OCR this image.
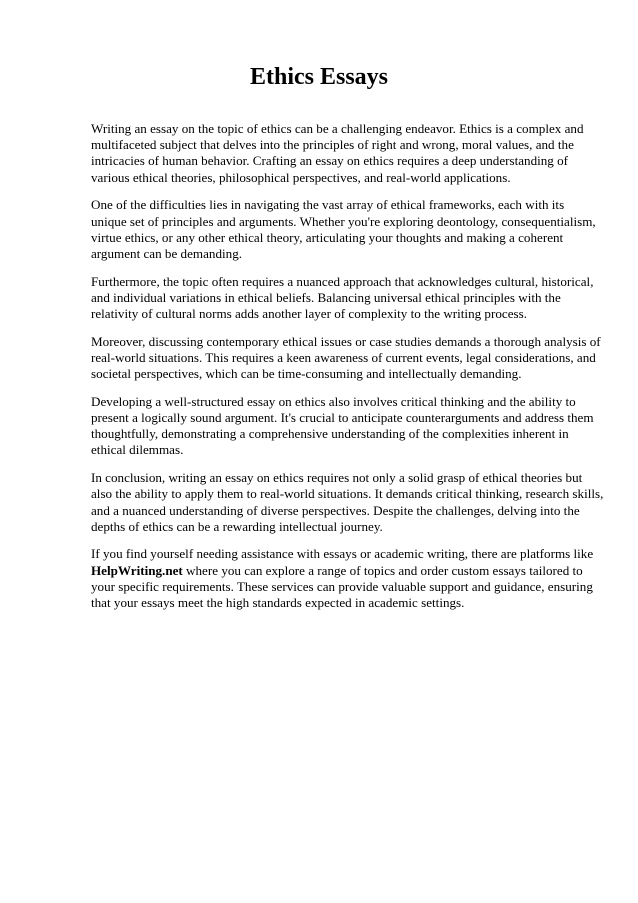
Ethics Essays

Writing an essay on the topic of ethics can be a challenging endeavor. Ethics is a complex and
multifaceted subject that delves into the principles of right and wrong, moral values, and the
intricacies of human behavior. Crafting an essay on ethics requires a deep understanding of
various ethical theories, philosophical perspectives, and real-world applications.

One of the difficulties lies in navigating the vast array of ethical frameworks, each with its
unique set of principles and arguments. Whether you're exploring deontology, consequentialism,
virtue ethics, or any other ethical theory, articulating your thoughts and making a coherent
argument can be demanding.

Furthermore, the topic often requires a nuanced approach that acknowledges cultural, historical,
and individual variations in ethical beliefs. Balancing universal ethical principles with the
relativity of cultural norms adds another layer of complexity to the writing process.

Moreover, discussing contemporary ethical issues or case studies demands a thorough analysis of
real-world situations. This requires a keen awareness of current events, legal considerations, and
societal perspectives, which can be time-consuming and intellectually demanding.

Developing a well-structured essay on ethics also involves critical thinking and the ability to
present a logically sound argument. It's crucial to anticipate counterarguments and address them
thoughtfully, demonstrating a comprehensive understanding of the complexities inherent in
ethical dilemmas.

In conclusion, writing an essay on ethics requires not only a solid grasp of ethical theories but
also the ability to apply them to real-world situations. It demands critical thinking, research skills,
and a nuanced understanding of diverse perspectives. Despite the challenges, delving into the
depths of ethics can be a rewarding intellectual journey.

If you find yourself needing assistance with essays or academic writing, there are platforms like
HelpWriting.net where you can explore a range of topics and order custom essays tailored to
your specific requirements. These services can provide valuable support and guidance, ensuring
that your essays meet the high standards expected in academic settings.
